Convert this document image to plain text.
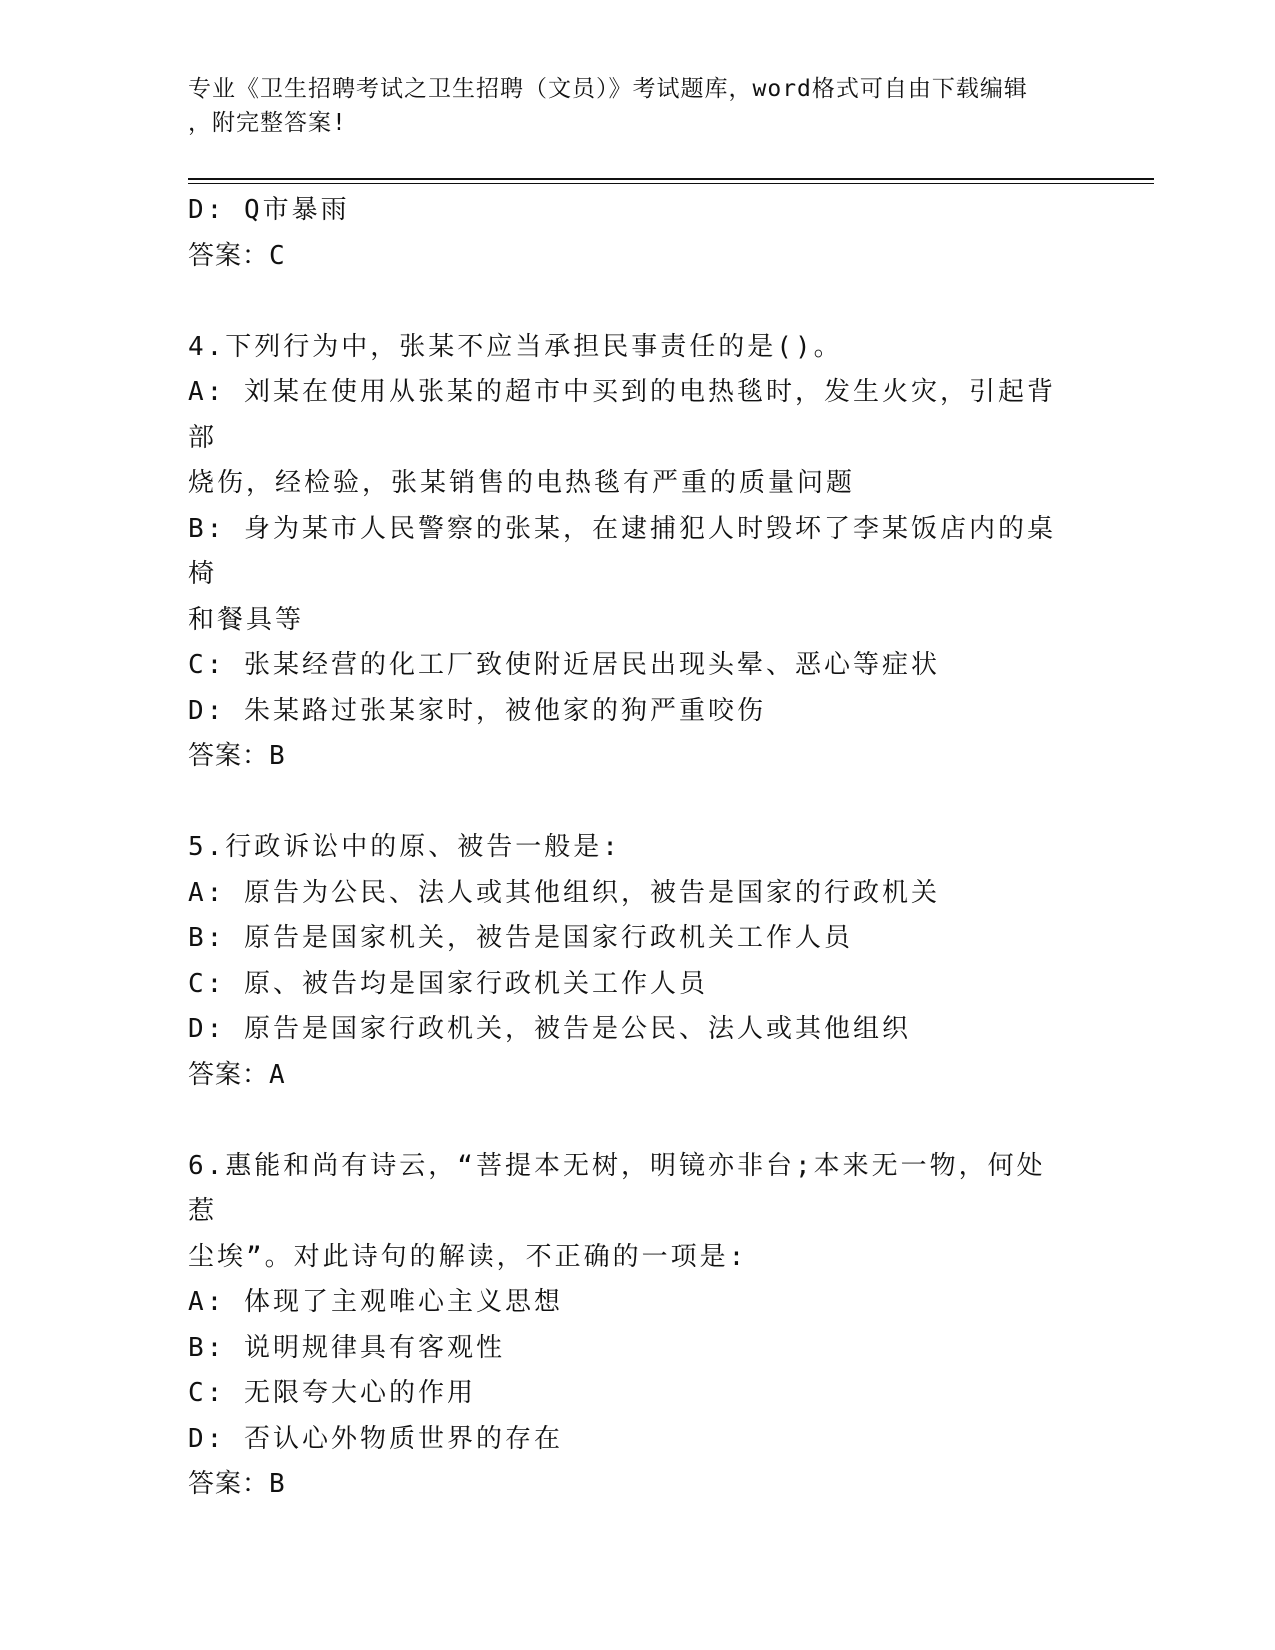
专业《卫生招聘考试之卫生招聘（文员）》考试题库，word格式可自由下载编辑
，附完整答案!
D: Q市暴雨
答案：C
4.下列行为中，张某不应当承担民事责任的是()。
A: 刘某在使用从张某的超市中买到的电热毯时，发生火灾，引起背部
烧伤，经检验，张某销售的电热毯有严重的质量问题
B: 身为某市人民警察的张某，在逮捕犯人时毁坏了李某饭店内的桌椅
和餐具等
C: 张某经营的化工厂致使附近居民出现头晕、恶心等症状
D: 朱某路过张某家时，被他家的狗严重咬伤
答案：B
5.行政诉讼中的原、被告一般是:
A: 原告为公民、法人或其他组织，被告是国家的行政机关
B: 原告是国家机关，被告是国家行政机关工作人员
C: 原、被告均是国家行政机关工作人员
D: 原告是国家行政机关，被告是公民、法人或其他组织
答案：A
6.惠能和尚有诗云，“菩提本无树，明镜亦非台;本来无一物，何处惹
尘埃”。对此诗句的解读，不正确的一项是:
A: 体现了主观唯心主义思想
B: 说明规律具有客观性
C: 无限夸大心的作用
D: 否认心外物质世界的存在
答案：B
